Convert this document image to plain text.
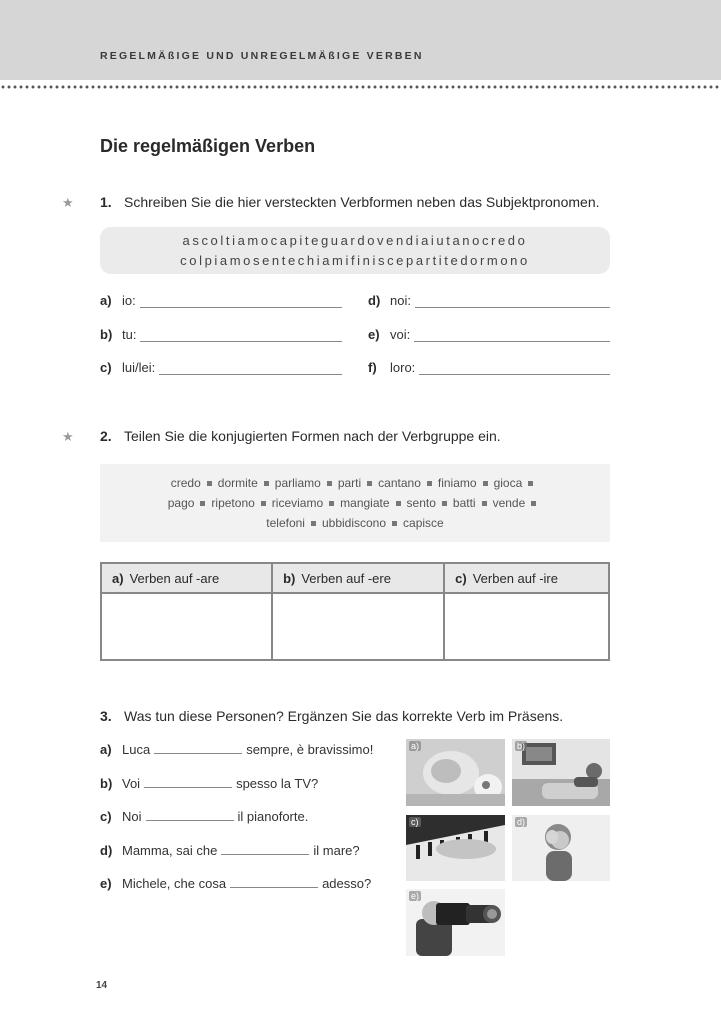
REGELMÄßIGE UND UNREGELMÄßIGE VERBEN
Die regelmäßigen Verben
★ 1. Schreiben Sie die hier versteckten Verbformen neben das Subjektpronomen.
ascoltiamocapiteguardovendiaiutanocredo
colpiamosentechiamifiniscepartitedormono
a) io:
b) tu:
c) lui/lei:
d) noi:
e) voi:
f)	loro:
★ 2. Teilen Sie die konjugierten Formen nach der Verbgruppe ein.
credo dormite parliamo parti cantano finiamo gioca
pago ripetono riceviamo mangiate sento batti vende
telefoni ubbidiscono capisce
a) Verben auf -are	b) Verben auf -ere	c) Verben auf -ire

3. Was tun diese Personen? Ergänzen Sie das korrekte Verb im Präsens.
a) Luca	sempre, è bravissimo!
b) Voi	spesso la TV?
c) Noi	il pianoforte.
d) Mamma, sai che	il mare?
e) Michele, che cosa	adesso?
a)	b)
c)	d)
e)
14
